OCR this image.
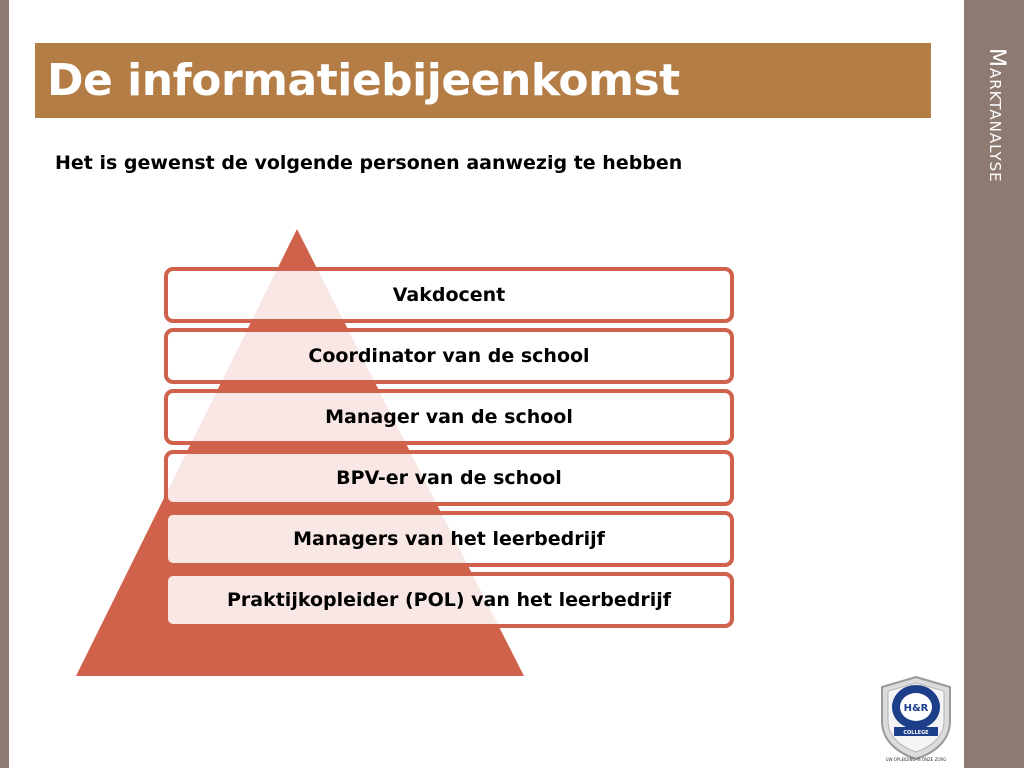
Marktanalyse
De informatiebijeenkomst
Het is gewenst de volgende personen aanwezig te hebben
Vakdocent
Coordinator van de school
Manager van de school
BPV-er van de school
Managers van het leerbedrijf
Praktijkopleider (POL) van het leerbedrijf
H&R
COLLEGE
UW OPLEIDING IS ONZE ZORG
